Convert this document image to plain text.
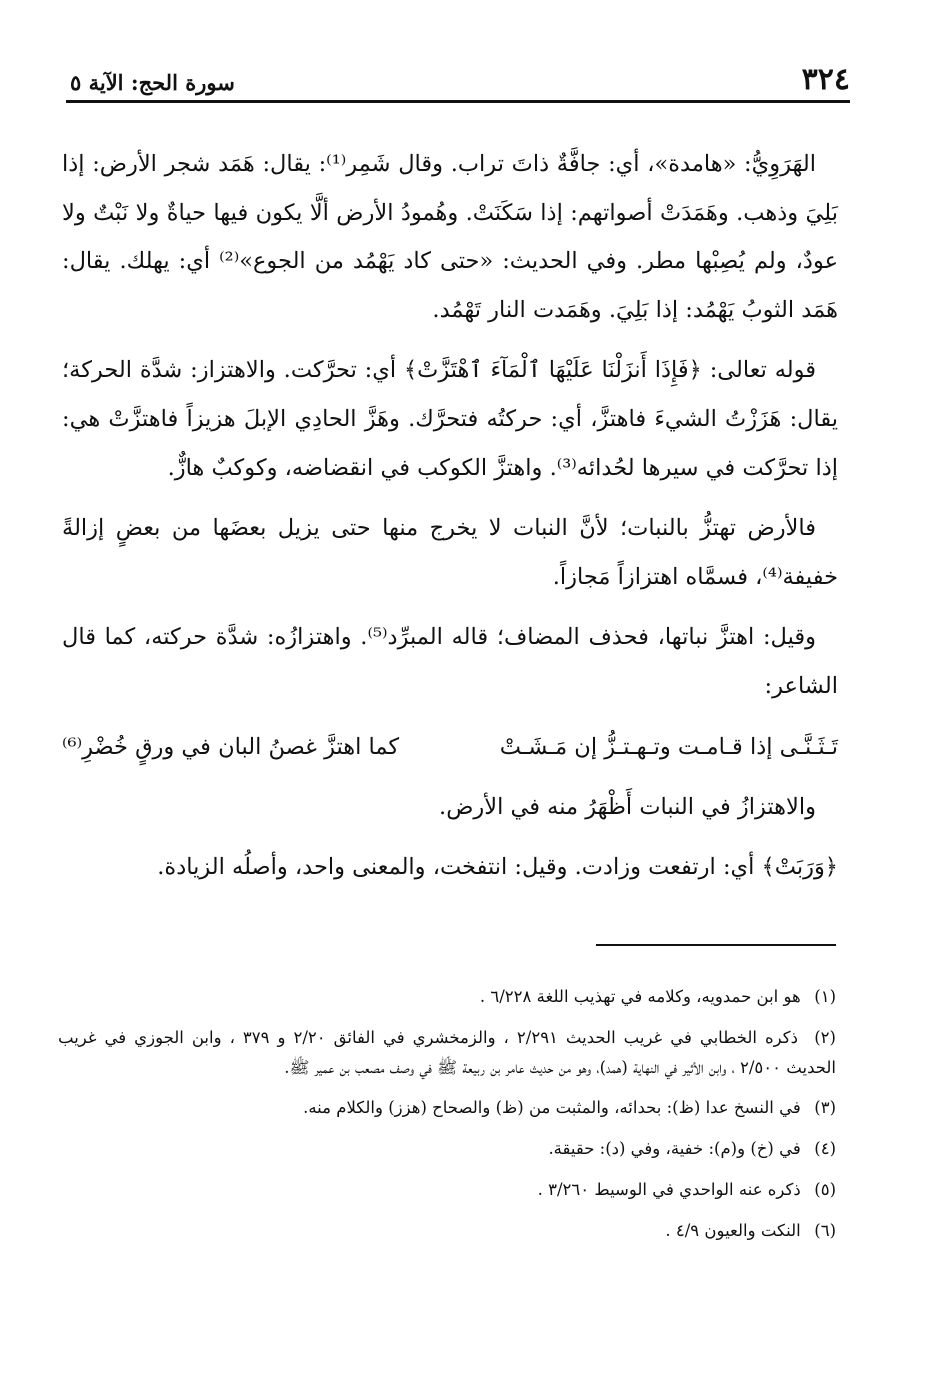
٣٢٤
سورة الحج: الآية ٥

الهَرَوِيُّ: «هامدة»، أي: جافَّةٌ ذاتَ تراب. وقال شَمِر⁽¹⁾: يقال: هَمَد شجر الأرض: إذا بَلِيَ وذهب. وهَمَدَتْ أصواتهم: إذا سَكَنَتْ. وهُمودُ الأرض ألَّا يكون فيها حياةٌ ولا نَبْتٌ ولا عودٌ، ولم يُصِبْها مطر. وفي الحديث: «حتى كاد يَهْمُد من الجوع»⁽²⁾ أي: يهلك. يقال: هَمَد الثوبُ يَهْمُد: إذا بَلِيَ. وهَمَدت النار تَهْمُد.

قوله تعالى: ﴿فَإِذَا أَنزَلْنَا عَلَيْهَا ٱلْمَآءَ ٱهْتَزَّتْ﴾ أي: تحرَّكت. والاهتزاز: شدَّة الحركة؛ يقال: هَزَزْتُ الشيءَ فاهتزَّ، أي: حركتُه فتحرَّك. وهَزَّ الحادِي الإبلَ هزيزاً فاهتزَّتْ هي: إذا تحرَّكت في سيرها لحُدائه⁽³⁾. واهتزَّ الكوكب في انقضاضه، وكوكبٌ هازٌّ.

فالأرض تهتزُّ بالنبات؛ لأنَّ النبات لا يخرج منها حتى يزيل بعضَها من بعضٍ إزالةً خفيفة⁽⁴⁾، فسمَّاه اهتزازاً مَجازاً.

وقيل: اهتزَّ نباتها، فحذف المضاف؛ قاله المبرِّد⁽⁵⁾. واهتزازُه: شدَّة حركته، كما قال الشاعر:

تَـثَـنَّـى إذا قـامـت وتـهـتـزُّ إن مَـشَـتْ
كما اهتزَّ غصنُ البان في ورقٍ خُضْرِ⁽⁶⁾

والاهتزازُ في النبات أَظْهَرُ منه في الأرض.

﴿وَرَبَتْ﴾ أي: ارتفعت وزادت. وقيل: انتفخت، والمعنى واحد، وأصلُه الزيادة.

(١) هو ابن حمدويه، وكلامه في تهذيب اللغة ٦/٢٢٨ .

(٢) ذكره الخطابي في غريب الحديث ٢/٢٩١ ، والزمخشري في الفائق ٢/٢٠ و ٣٧٩ ، وابن الجوزي في غريب الحديث ٢/٥٠٠ ، وابن الأثير في النهاية (همد)، وهو من حديث عامر بن ربيعة ﷺ في وصف مصعب بن عمير ﷺ.

(٣) في النسخ عدا (ظ): بحدائه، والمثبت من (ظ) والصحاح (هزز) والكلام منه.

(٤) في (خ) و(م): خفية، وفي (د): حقيقة.

(٥) ذكره عنه الواحدي في الوسيط ٣/٢٦٠ .

(٦) النكت والعيون ٤/٩ .
